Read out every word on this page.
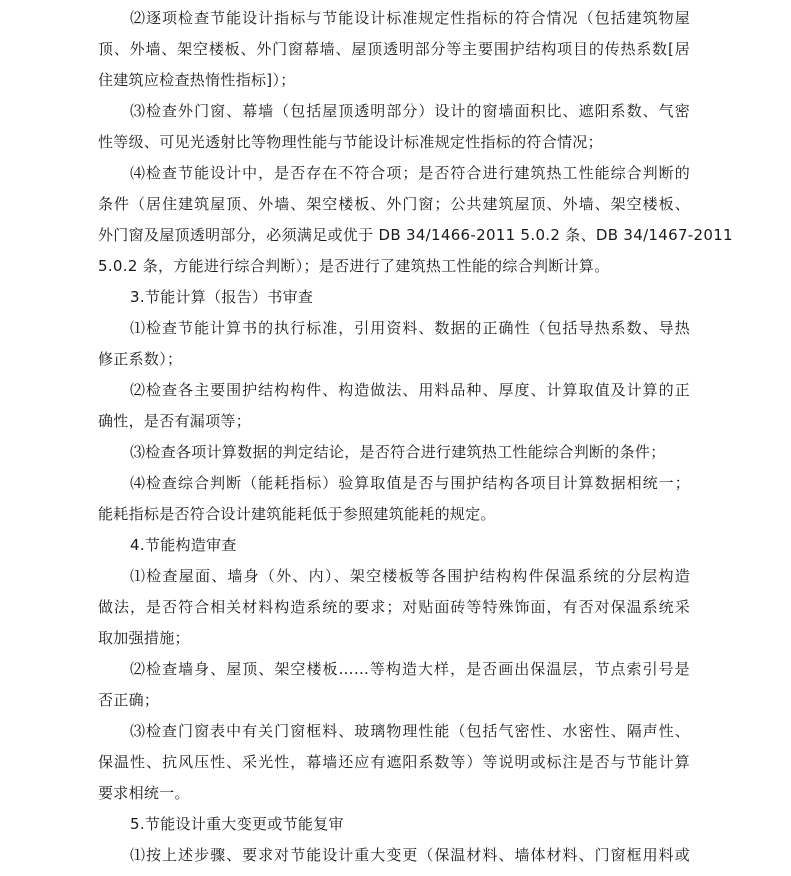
⑵逐项检查节能设计指标与节能设计标准规定性指标的符合情况（包括建筑物屋
顶、外墙、架空楼板、外门窗幕墙、屋顶透明部分等主要围护结构项目的传热系数[居
住建筑应检查热惰性指标]）；
⑶检查外门窗、幕墙（包括屋顶透明部分）设计的窗墙面积比、遮阳系数、气密
性等级、可见光透射比等物理性能与节能设计标准规定性指标的符合情况；
⑷检查节能设计中，是否存在不符合项；是否符合进行建筑热工性能综合判断的
条件（居住建筑屋顶、外墙、架空楼板、外门窗；公共建筑屋顶、外墙、架空楼板、
外门窗及屋顶透明部分，必须满足或优于 DB 34/1466-2011 5.0.2 条、DB 34/1467-2011
5.0.2 条，方能进行综合判断）；是否进行了建筑热工性能的综合判断计算。
3.节能计算（报告）书审查
⑴检查节能计算书的执行标准，引用资料、数据的正确性（包括导热系数、导热
修正系数）；
⑵检查各主要围护结构构件、构造做法、用料品种、厚度、计算取值及计算的正
确性，是否有漏项等；
⑶检查各项计算数据的判定结论，是否符合进行建筑热工性能综合判断的条件；
⑷检查综合判断（能耗指标）验算取值是否与围护结构各项目计算数据相统一；
能耗指标是否符合设计建筑能耗低于参照建筑能耗的规定。
4.节能构造审查
⑴检查屋面、墙身（外、内）、架空楼板等各围护结构构件保温系统的分层构造
做法，是否符合相关材料构造系统的要求；对贴面砖等特殊饰面，有否对保温系统采
取加强措施；
⑵检查墙身、屋顶、架空楼板……等构造大样，是否画出保温层，节点索引号是
否正确；
⑶检查门窗表中有关门窗框料、玻璃物理性能（包括气密性、水密性、隔声性、
保温性、抗风压性、采光性，幕墙还应有遮阳系数等）等说明或标注是否与节能计算
要求相统一。
5.节能设计重大变更或节能复审
⑴按上述步骤、要求对节能设计重大变更（保温材料、墙体材料、门窗框用料或
